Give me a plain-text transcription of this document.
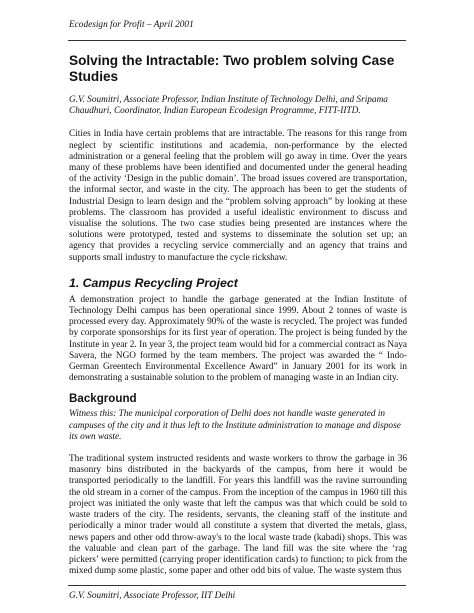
Ecodesign for Profit – April 2001
Solving the Intractable: Two problem solving Case Studies

G.V. Soumitri, Associate Professor, Indian Institute of Technology Delhi, and Sripama Chaudhuri, Coordinator, Indian European Ecodesign Programme, FITT-IITD.

Cities in India have certain problems that are intractable. The reasons for this range from neglect by scientific institutions and academia, non-performance by the elected administration or a general feeling that the problem will go away in time. Over the years many of these problems have been identified and documented under the general heading of the activity ‘Design in the public domain’. The broad issues covered are transportation, the informal sector, and waste in the city. The approach has been to get the students of Industrial Design to learn design and the “problem solving approach” by looking at these problems. The classroom has provided a useful idealistic environment to discuss and visualise the solutions. The two case studies being presented are instances where the solutions were prototyped, tested and systems to disseminate the solution set up; an agency that provides a recycling service commercially and an agency that trains and supports small industry to manufacture the cycle rickshaw.

1. Campus Recycling Project

A demonstration project to handle the garbage generated at the Indian Institute of Technology Delhi campus has been operational since 1999. About 2 tonnes of waste is processed every day. Approximately 90% of the waste is recycled. The project was funded by corporate sponsorships for its first year of operation. The project is being funded by the Institute in year 2. In year 3, the project team would bid for a commercial contract as Naya Savera, the NGO formed by the team members. The project was awarded the “ Indo-German Greentech Environmental Excellence Award” in January 2001 for its work in demonstrating a sustainable solution to the problem of managing waste in an Indian city.

Background

Witness this: The municipal corporation of Delhi does not handle waste generated in campuses of the city and it thus left to the Institute administration to manage and dispose its own waste.

The traditional system instructed residents and waste workers to throw the garbage in 36 masonry bins distributed in the backyards of the campus, from here it would be transported periodically to the landfill. For years this landfill was the ravine surrounding the old stream in a corner of the campus. From the inception of the campus in 1960 till this project was initiated the only waste that left the campus was that which could be sold to waste traders of the city. The residents, servants, the cleaning staff of the institute and periodically a minor trader would all constitute a system that diverted the metals, glass, news papers and other odd throw-away's to the local waste trade (kabadi) shops. This was the valuable and clean part of the garbage. The land fill was the site where the ‘rag pickers’ were permitted (carrying proper identification cards) to function; to pick from the mixed dump some plastic, some paper and other odd bits of value. The waste system thus

G.V. Soumitri, Associate Professor, IIT Delhi
